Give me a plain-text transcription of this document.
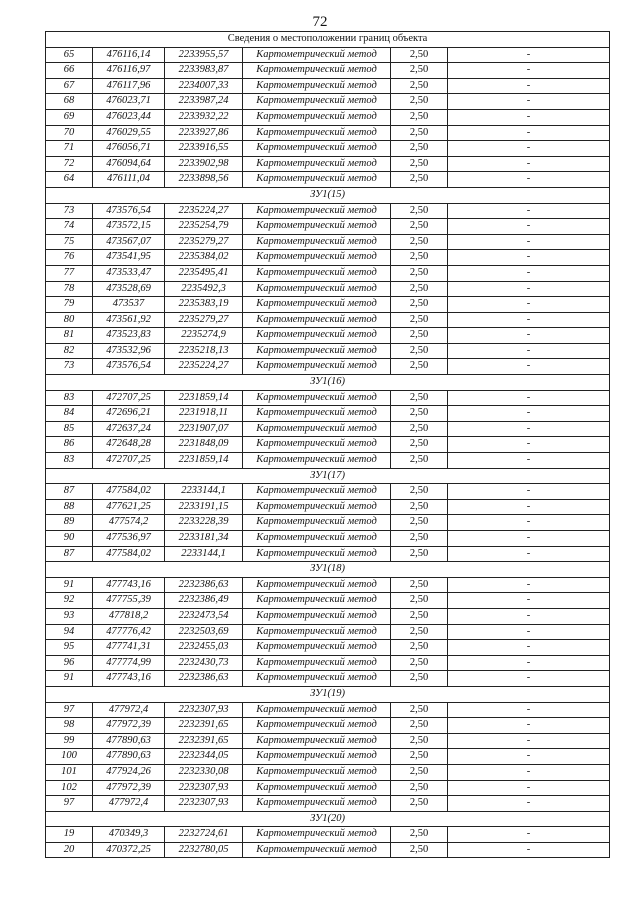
72
Сведения о местоположении границ объекта					
65	476116,14	2233955,57	Картометрический метод	2,50	-
66	476116,97	2233983,87	Картометрический метод	2,50	-
67	476117,96	2234007,33	Картометрический метод	2,50	-
68	476023,71	2233987,24	Картометрический метод	2,50	-
69	476023,44	2233932,22	Картометрический метод	2,50	-
70	476029,55	2233927,86	Картометрический метод	2,50	-
71	476056,71	2233916,55	Картометрический метод	2,50	-
72	476094,64	2233902,98	Картометрический метод	2,50	-
64	476111,04	2233898,56	Картометрический метод	2,50	-
ЗУ1(15)					
73	473576,54	2235224,27	Картометрический метод	2,50	-
74	473572,15	2235254,79	Картометрический метод	2,50	-
75	473567,07	2235279,27	Картометрический метод	2,50	-
76	473541,95	2235384,02	Картометрический метод	2,50	-
77	473533,47	2235495,41	Картометрический метод	2,50	-
78	473528,69	2235492,3	Картометрический метод	2,50	-
79	473537	2235383,19	Картометрический метод	2,50	-
80	473561,92	2235279,27	Картометрический метод	2,50	-
81	473523,83	2235274,9	Картометрический метод	2,50	-
82	473532,96	2235218,13	Картометрический метод	2,50	-
73	473576,54	2235224,27	Картометрический метод	2,50	-
ЗУ1(16)					
83	472707,25	2231859,14	Картометрический метод	2,50	-
84	472696,21	2231918,11	Картометрический метод	2,50	-
85	472637,24	2231907,07	Картометрический метод	2,50	-
86	472648,28	2231848,09	Картометрический метод	2,50	-
83	472707,25	2231859,14	Картометрический метод	2,50	-
ЗУ1(17)					
87	477584,02	2233144,1	Картометрический метод	2,50	-
88	477621,25	2233191,15	Картометрический метод	2,50	-
89	477574,2	2233228,39	Картометрический метод	2,50	-
90	477536,97	2233181,34	Картометрический метод	2,50	-
87	477584,02	2233144,1	Картометрический метод	2,50	-
ЗУ1(18)					
91	477743,16	2232386,63	Картометрический метод	2,50	-
92	477755,39	2232386,49	Картометрический метод	2,50	-
93	477818,2	2232473,54	Картометрический метод	2,50	-
94	477776,42	2232503,69	Картометрический метод	2,50	-
95	477741,31	2232455,03	Картометрический метод	2,50	-
96	477774,99	2232430,73	Картометрический метод	2,50	-
91	477743,16	2232386,63	Картометрический метод	2,50	-
ЗУ1(19)					
97	477972,4	2232307,93	Картометрический метод	2,50	-
98	477972,39	2232391,65	Картометрический метод	2,50	-
99	477890,63	2232391,65	Картометрический метод	2,50	-
100	477890,63	2232344,05	Картометрический метод	2,50	-
101	477924,26	2232330,08	Картометрический метод	2,50	-
102	477972,39	2232307,93	Картометрический метод	2,50	-
97	477972,4	2232307,93	Картометрический метод	2,50	-
ЗУ1(20)					
19	470349,3	2232724,61	Картометрический метод	2,50	-
20	470372,25	2232780,05	Картометрический метод	2,50	-
